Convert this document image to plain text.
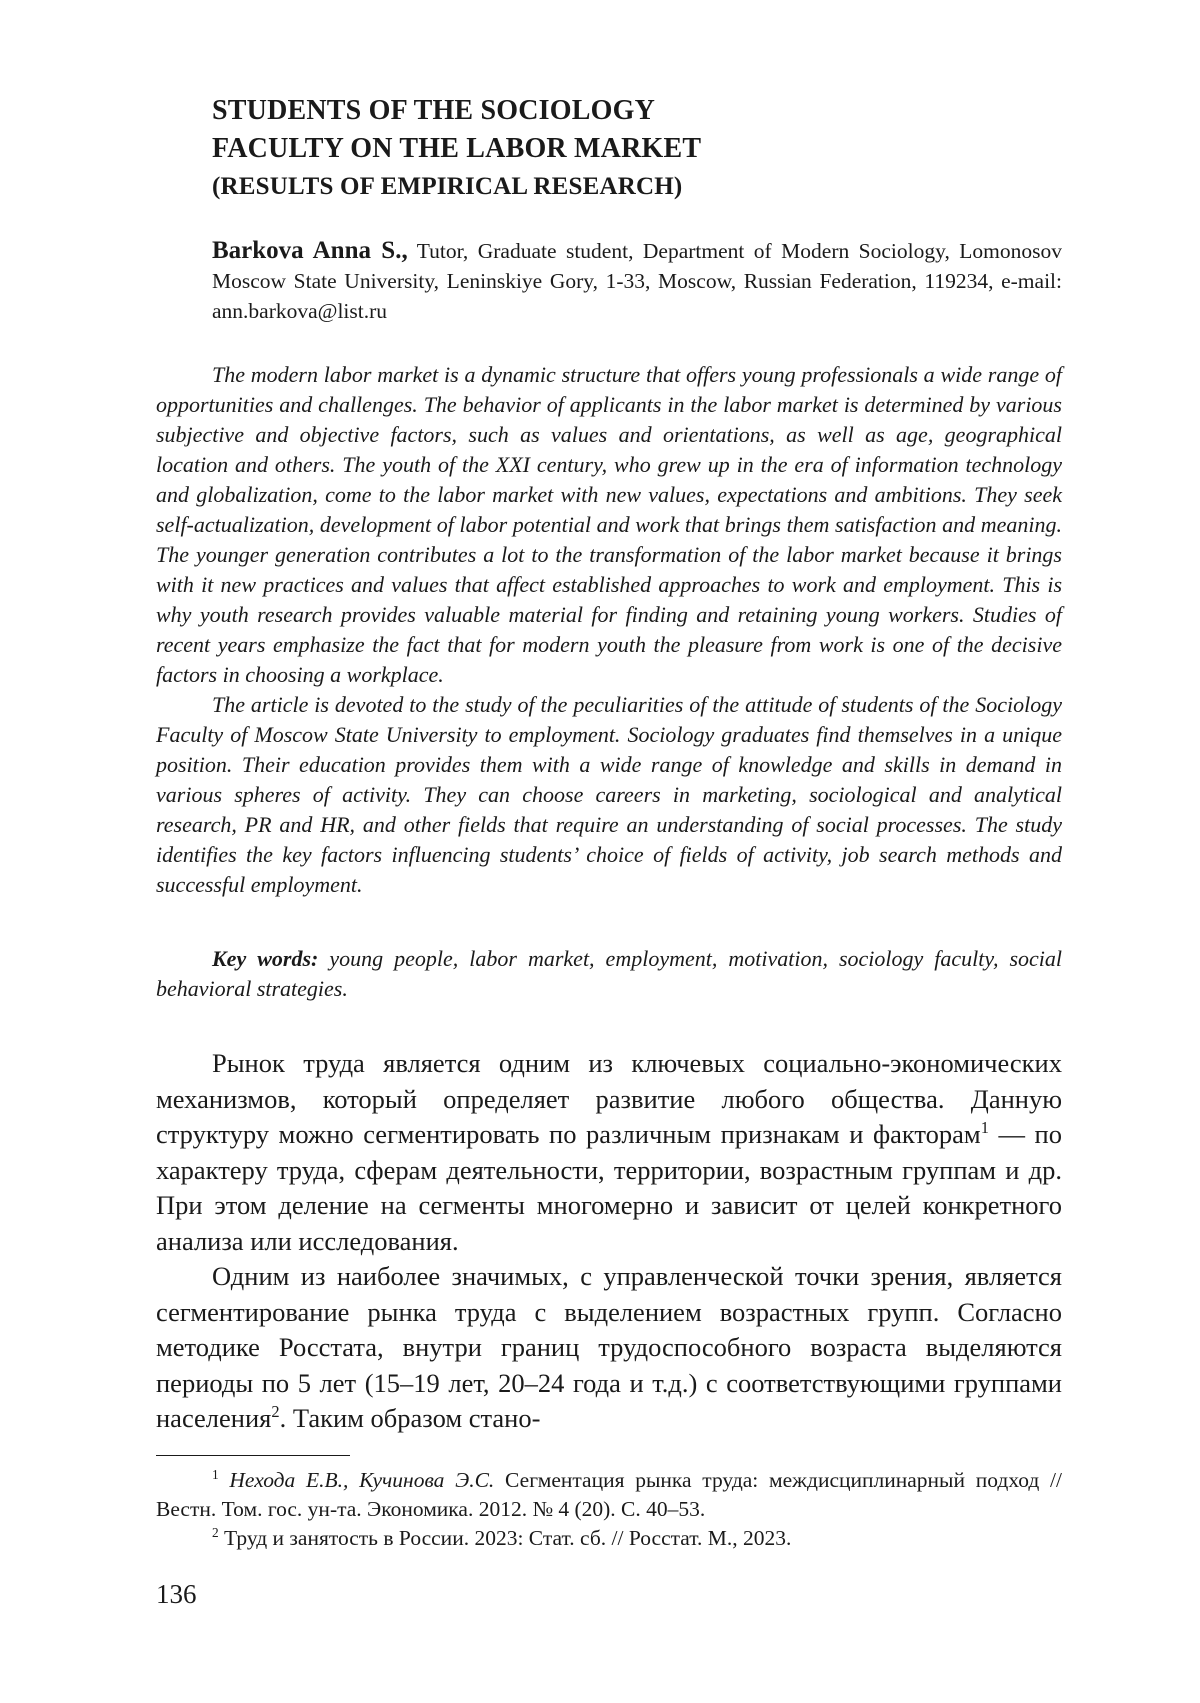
STUDENTS OF THE SOCIOLOGY
FACULTY ON THE LABOR MARKET
(RESULTS OF EMPIRICAL RESEARCH)
Barkova Anna S., Tutor, Graduate student, Department of Modern Sociology, Lomonosov Moscow State University, Leninskiye Gory, 1-33, Moscow, Russian Federation, 119234, e-mail: ann.barkova@list.ru

The modern labor market is a dynamic structure that offers young professionals a wide range of opportunities and challenges. The behavior of applicants in the labor market is determined by various subjective and objective factors, such as values and orientations, as well as age, geographical location and others. The youth of the XXI century, who grew up in the era of information technology and globalization, come to the labor market with new values, expectations and ambitions. They seek self-actualization, development of labor potential and work that brings them satisfaction and meaning. The younger generation contributes a lot to the transformation of the labor market because it brings with it new practices and values that affect established approaches to work and employment. This is why youth research provides valuable material for finding and retaining young workers. Studies of recent years emphasize the fact that for modern youth the pleasure from work is one of the decisive factors in choosing a workplace.

The article is devoted to the study of the peculiarities of the attitude of students of the Sociology Faculty of Moscow State University to employment. Sociology graduates find themselves in a unique position. Their education provides them with a wide range of knowledge and skills in demand in various spheres of activity. They can choose careers in marketing, sociological and analytical research, PR and HR, and other fields that require an understanding of social processes. The study identifies the key factors influencing students’ choice of fields of activity, job search methods and successful employment.

Key words: young people, labor market, employment, motivation, sociology faculty, social behavioral strategies.

Рынок труда является одним из ключевых социально-экономических механизмов, который определяет развитие любого общества. Данную структуру можно сегментировать по различным признакам и факторам$^1$ — по характеру труда, сферам деятельности, территории, возрастным группам и др. При этом деление на сегменты многомерно и зависит от целей конкретного анализа или исследования.

Одним из наиболее значимых, с управленческой точки зрения, является сегментирование рынка труда с выделением возрастных групп. Согласно методике Росстата, внутри границ трудоспособного возраста выделяются периоды по 5 лет (15–19 лет, 20–24 года и т.д.) с соответствующими группами населения$^2$. Таким образом стано-

$^1$ Нехода Е.В., Кучинова Э.С. Сегментация рынка труда: междисциплинарный подход // Вестн. Том. гос. ун-та. Экономика. 2012. № 4 (20). С. 40–53.

$^2$ Труд и занятость в России. 2023: Стат. сб. // Росстат. М., 2023.

136
